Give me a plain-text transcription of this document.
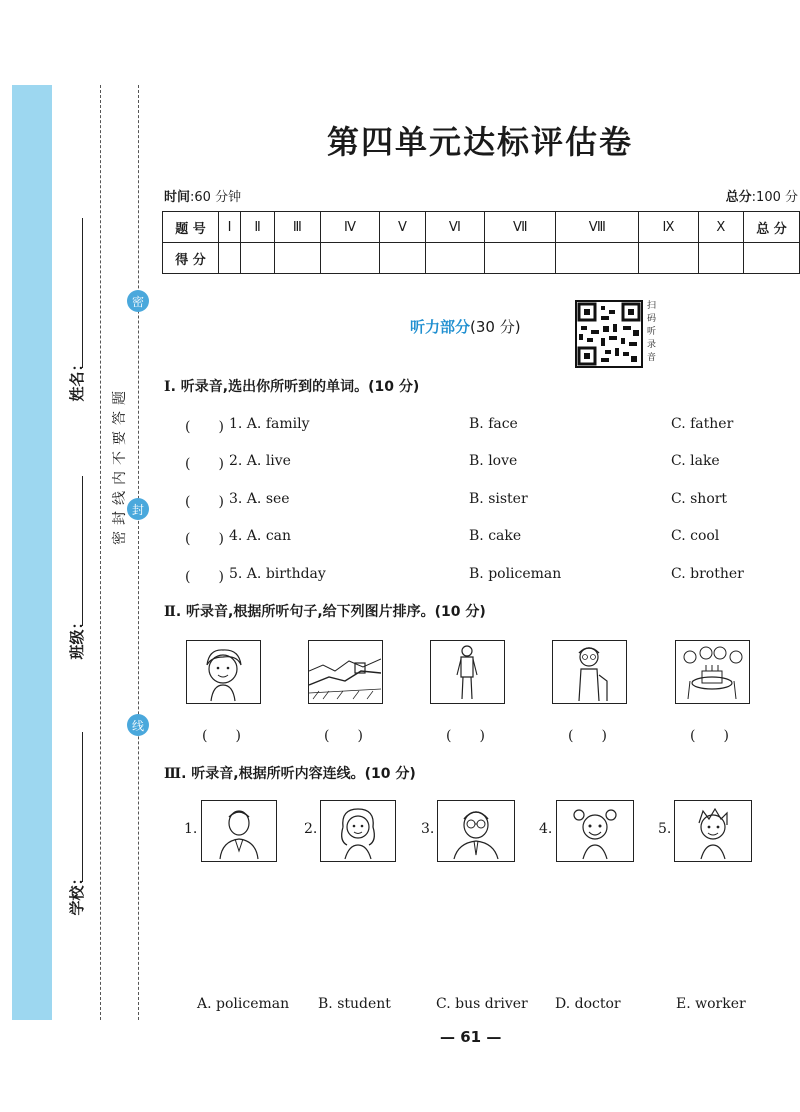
密
封
线
密
封
线
内
不
要
答
题
姓名：
班级：
学校：
第四单元达标评估卷
时间:60 分钟	总分:100 分
题 号	Ⅰ	Ⅱ	Ⅲ	Ⅳ	Ⅴ	Ⅵ	Ⅶ	Ⅷ	Ⅸ	Ⅹ	总 分
得 分											
听力部分(30 分)
扫
码
听
录
音
Ⅰ. 听录音,选出你所听到的单词。(10 分)
(　　) 1. A. family	B. face	C. father
(　　) 2. A. live	B. love	C. lake
(　　) 3. A. see	B. sister	C. short
(　　) 4. A. can	B. cake	C. cool
(　　) 5. A. birthday	B. policeman	C. brother
Ⅱ. 听录音,根据所听句子,给下列图片排序。(10 分)
(　　)	(　　)	(　　)	(　　)	(　　)
Ⅲ. 听录音,根据所听内容连线。(10 分)
1.	2.	3.	4.	5.
A. policeman B. student	C. bus driver D. doctor	E. worker
— 61 —
